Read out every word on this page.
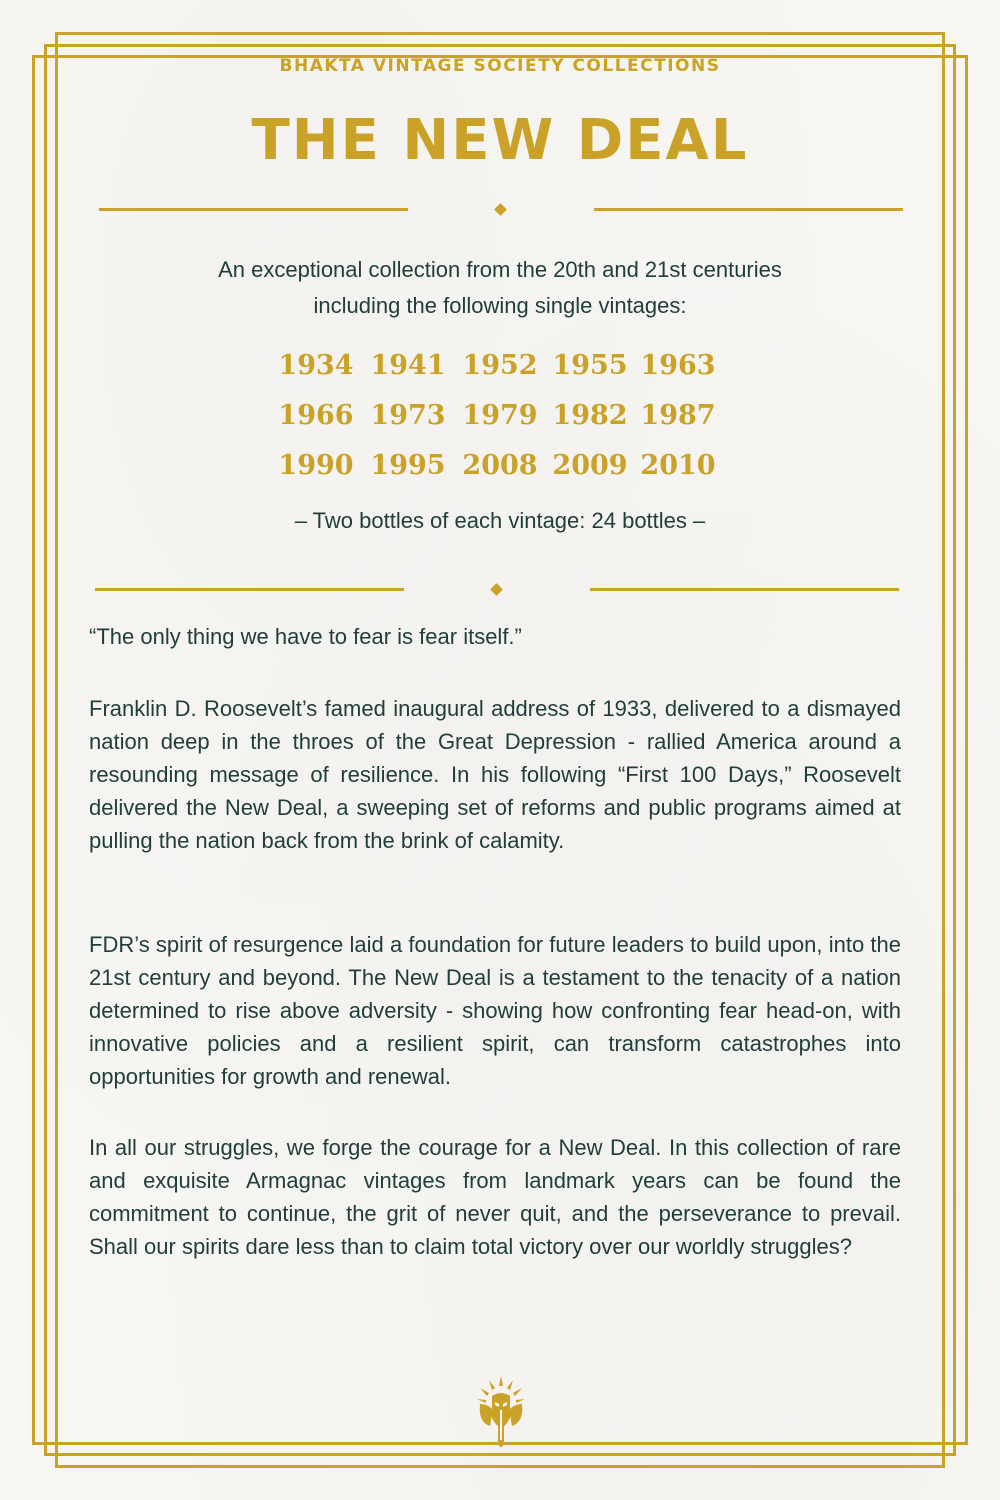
BHAKTA VINTAGE SOCIETY COLLECTIONS
THE NEW DEAL
An exceptional collection from the 20th and 21st centuries
including the following single vintages:
1934 1941 1952 1955 1963
1966 1973 1979 1982 1987
1990 1995 2008 2009 2010
– Two bottles of each vintage: 24 bottles –
“The only thing we have to fear is fear itself.”
Franklin D. Roosevelt’s famed inaugural address of 1933, delivered to a dismayed nation deep in the throes of the Great Depression - rallied America around a resounding message of resilience. In his following “First 100 Days,” Roosevelt delivered the New Deal, a sweeping set of reforms and public programs aimed at pulling the nation back from the brink of calamity.
FDR’s spirit of resurgence laid a foundation for future leaders to build upon, into the 21st century and beyond. The New Deal is a testament to the tenacity of a nation determined to rise above adversity - showing how confronting fear head-on, with innovative policies and a resilient spirit, can transform catastrophes into opportunities for growth and renewal.
In all our struggles, we forge the courage for a New Deal. In this collection of rare and exquisite Armagnac vintages from landmark years can be found the commitment to continue, the grit of never quit, and the perseverance to prevail. Shall our spirits dare less than to claim total victory over our worldly struggles?
